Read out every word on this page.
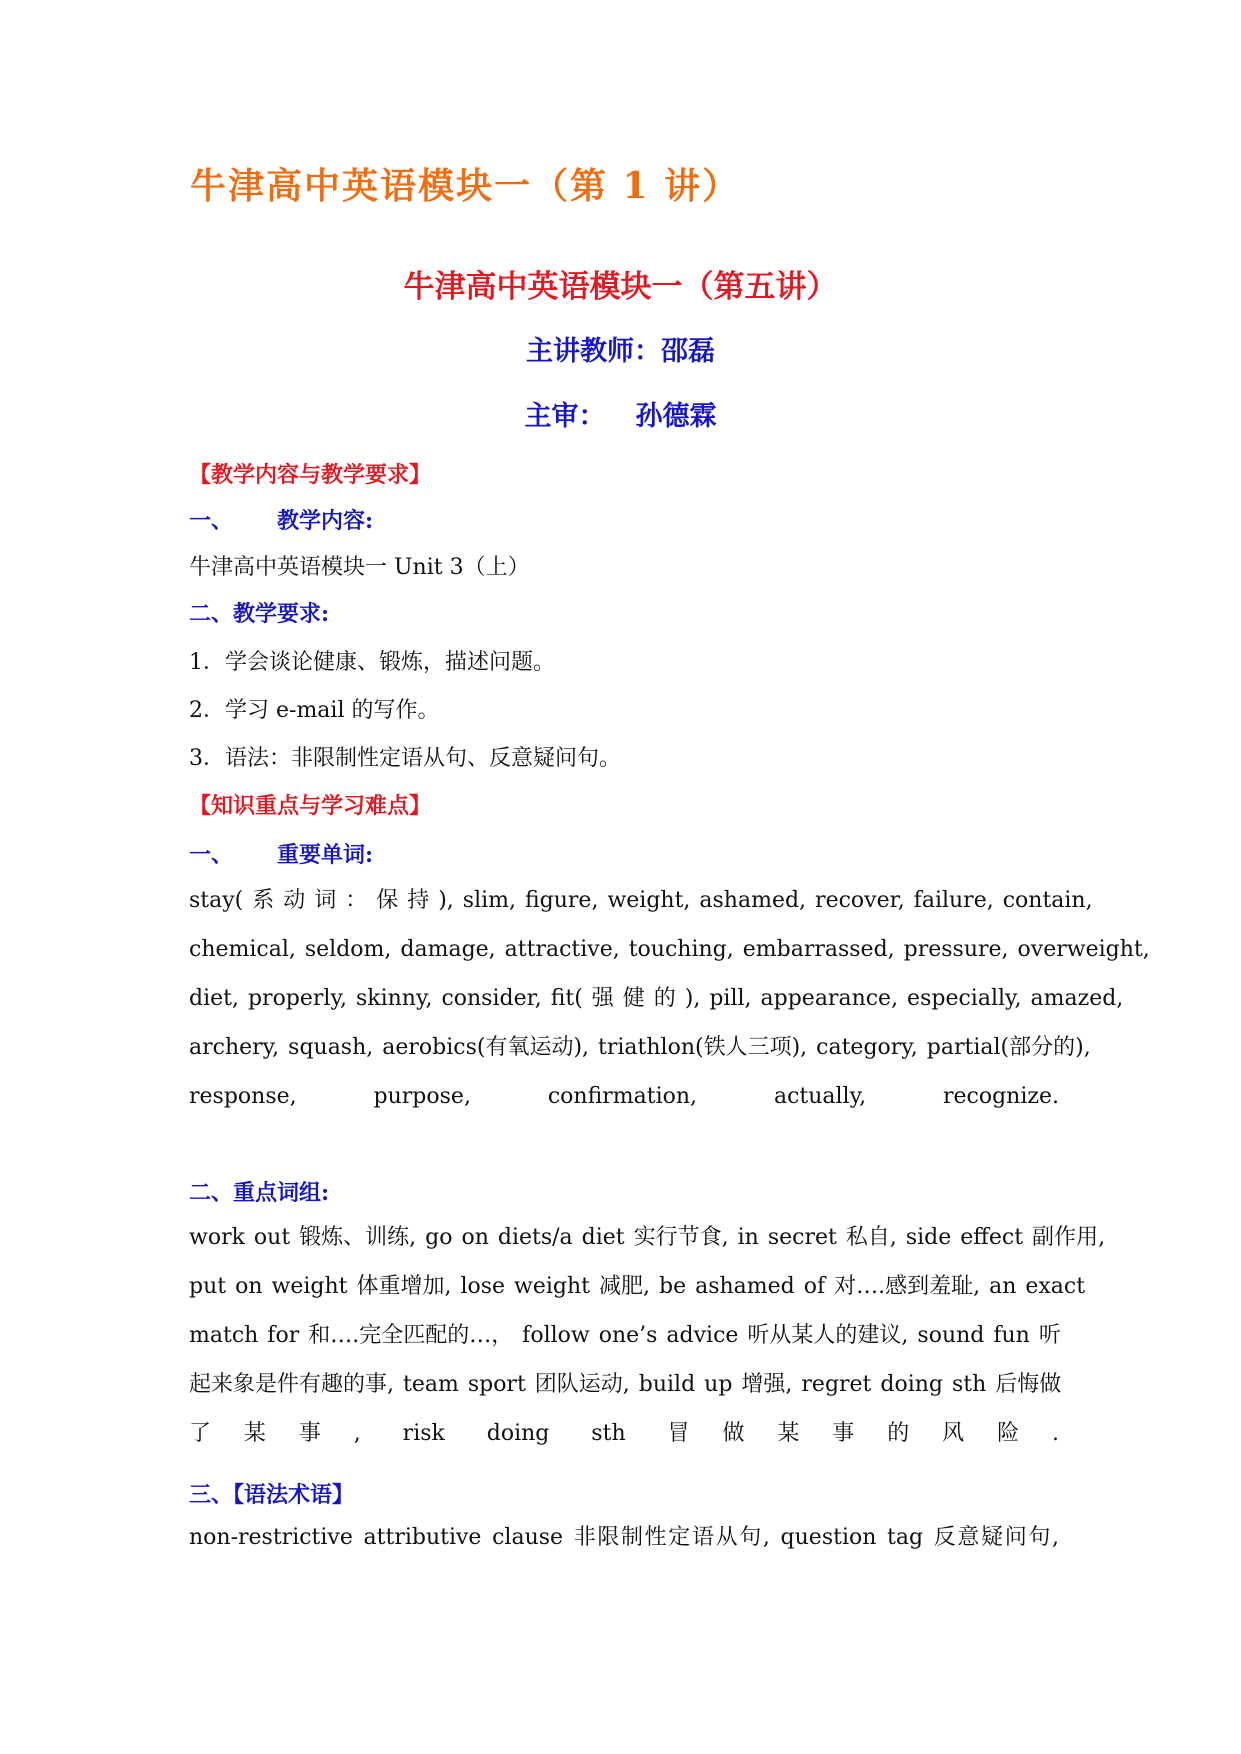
牛津高中英语模块一（第 1 讲）
牛津高中英语模块一（第五讲）
主讲教师：邵磊
主审： 孙德霖
【教学内容与教学要求】
一、 教学内容:
牛津高中英语模块一 Unit 3（上）
二、教学要求:
1．学会谈论健康、锻炼，描述问题。
2．学习 e-mail 的写作。
3．语法：非限制性定语从句、反意疑问句。
【知识重点与学习难点】
一、 重要单词:
stay( 系 动 词 ： 保 持 ), slim, figure, weight, ashamed, recover, failure, contain,
chemical, seldom, damage, attractive, touching, embarrassed, pressure, overweight,
diet, properly, skinny, consider, fit( 强 健 的 ), pill, appearance, especially, amazed,
archery, squash, aerobics(有氧运动), triathlon(铁人三项), category, partial(部分的),
response, purpose, confirmation, actually, recognize.
二、重点词组:
work out 锻炼、训练, go on diets/a diet 实行节食, in secret 私自, side effect 副作用,
put on weight 体重增加, lose weight 减肥, be ashamed of 对….感到羞耻, an exact
match for 和….完全匹配的…， follow one’s advice 听从某人的建议, sound fun 听
起来象是件有趣的事, team sport 团队运动, build up 增强, regret doing sth 后悔做
了某事, risk doing sth 冒做某事的风险.
三、【语法术语】
non-restrictive attributive clause 非限制性定语从句, question tag 反意疑问句,
